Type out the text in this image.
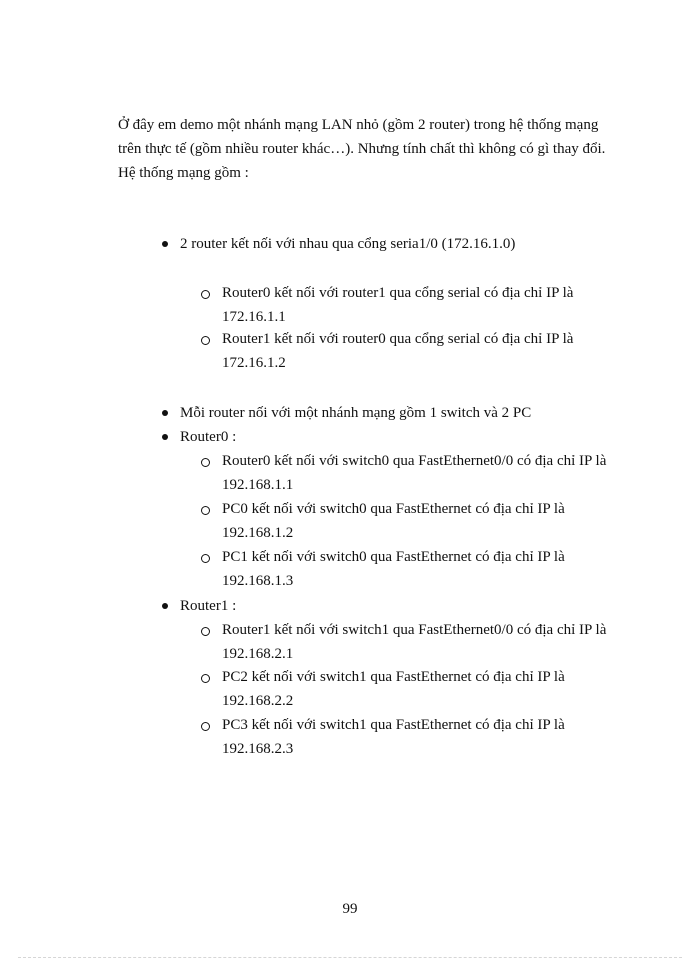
Ở đây em demo một nhánh mạng LAN nhỏ (gồm 2 router) trong hệ thống mạng trên thực tế (gồm nhiều router khác…). Nhưng tính chất thì không có gì thay đổi.

Hệ thống mạng gồm :

2 router kết nối với nhau qua cổng seria1/0 (172.16.1.0)
Router0 kết nối với router1 qua cổng serial có địa chỉ IP là 172.16.1.1
Router1 kết nối với router0 qua cổng serial có địa chỉ IP là 172.16.1.2
Mỗi router nối với một nhánh mạng gồm 1 switch và 2 PC
Router0 :
Router0 kết nối với switch0 qua FastEthernet0/0 có địa chỉ IP là 192.168.1.1
PC0 kết nối với switch0 qua FastEthernet có địa chỉ IP là 192.168.1.2
PC1 kết nối với switch0 qua FastEthernet có địa chỉ IP là 192.168.1.3
Router1 :
Router1 kết nối với switch1 qua FastEthernet0/0 có địa chỉ IP là 192.168.2.1
PC2 kết nối với switch1 qua FastEthernet có địa chỉ IP là 192.168.2.2
PC3 kết nối với switch1 qua FastEthernet có địa chỉ IP là 192.168.2.3
99
